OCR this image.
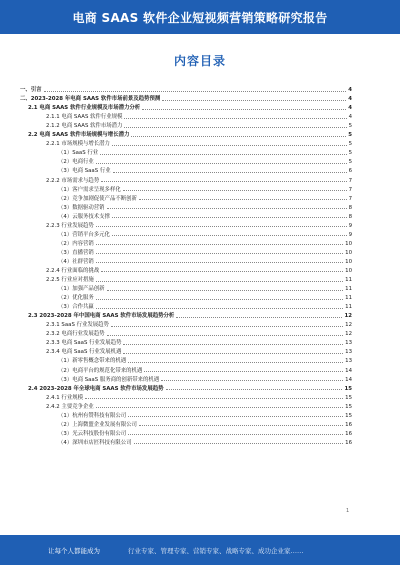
电商 SAAS 软件企业短视频营销策略研究报告
内容目录
一、引言	4
二、2023-2028 年电商 SAAS 软件市场前景及趋势预测	4
2.1 电商 SAAS 软件行业规模及市场潜力分析	4
2.1.1 电商 SAAS 软件行业规模	4
2.1.2 电商 SAAS 软件市场潜力	5
2.2 电商 SAAS 软件市场规模与增长潜力	5
2.2.1 市场规模与增长潜力	5
（1）SaaS 行业	5
（2）电商行业	5
（3）电商 SaaS 行业	6
2.2.2 市场需求与趋势	7
（1）客户需求呈现多样化	7
（2）竞争加剧促使产品不断创新	7
（3）数据驱动营销	8
（4）云服务技术支撑	8
2.2.3 行业发展趋势	9
（1）营销平台多元化	9
（2）内容营销	10
（3）直播营销	10
（4）社群营销	10
2.2.4 行业面临的挑战	10
2.2.5 行业应对措施	11
（1）加强产品创新	11
（2）优化服务	11
（3）合作共赢	11
2.3 2023-2028 年中国电商 SAAS 软件市场发展趋势分析	12
2.3.1 SaaS 行业发展趋势	12
2.3.2 电商行业发展趋势	12
2.3.3 电商 SaaS 行业发展趋势	13
2.3.4 电商 SaaS 行业发展机遇	13
（1）新零售概念带来的机遇	13
（2）电商平台的规范化带来的机遇	14
（3）电商 SaaS 服务商的创新带来的机遇	14
2.4 2023-2028 年全球电商 SAAS 软件市场发展趋势	15
2.4.1 行业规模	15
2.4.2 主要竞争企业	15
（1）杭州有赞科技有限公司	15
（2）上海微盟企业发展有限公司	16
（3）光云科技股份有限公司	16
（4）深圳市店匠科技有限公司	16
1
让每个人都能成为	行业专家、管理专家、营销专家、战略专家、成功企业家……
